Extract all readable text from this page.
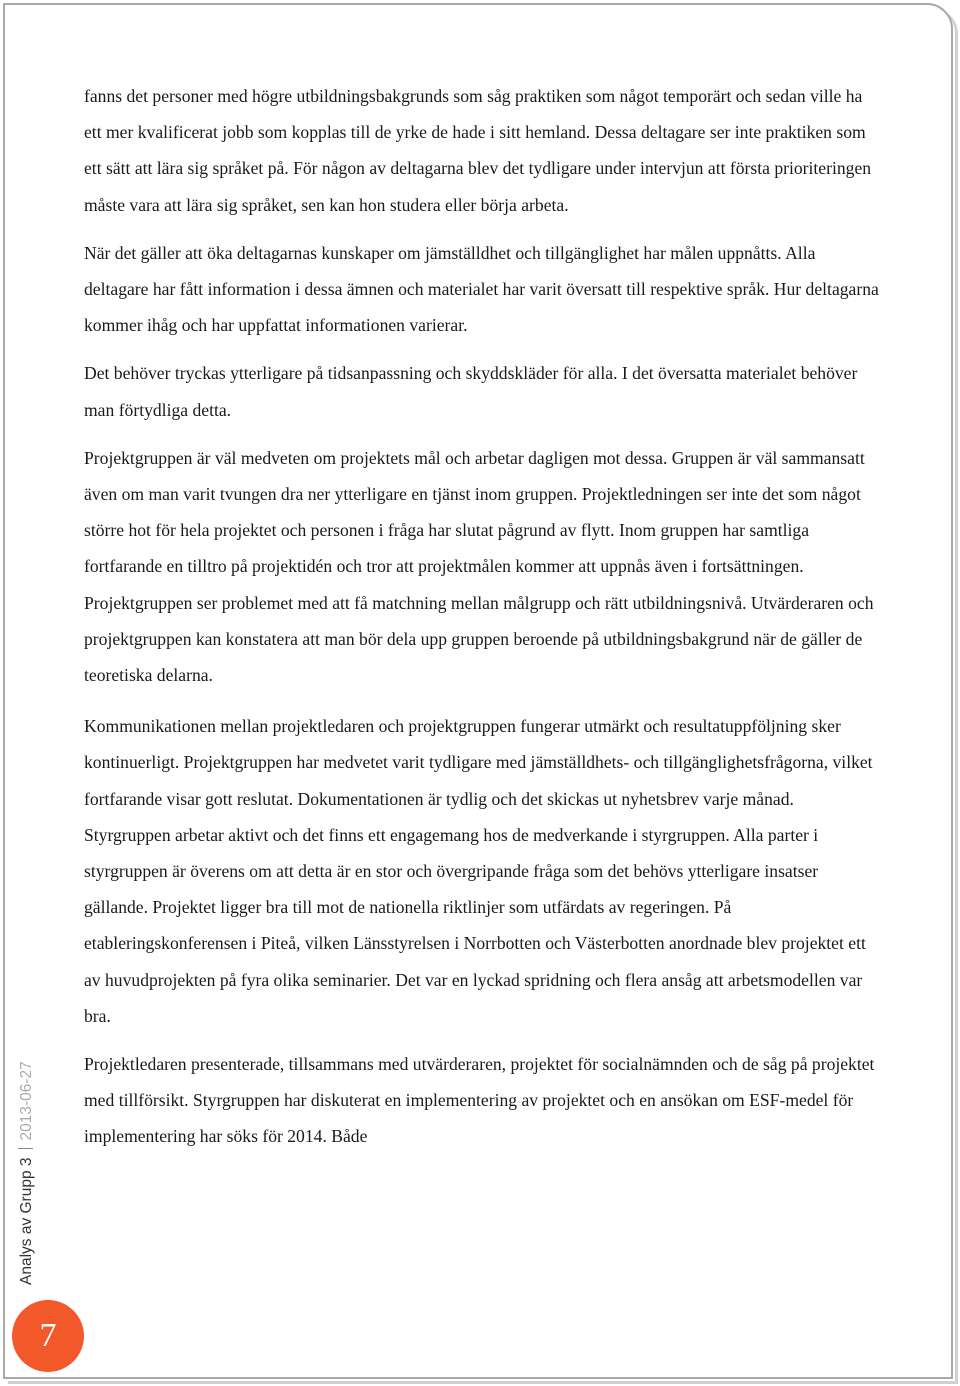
fanns det personer med högre utbildningsbakgrunds som såg praktiken som något temporärt och sedan ville ha ett mer kvalificerat jobb som kopplas till de yrke de hade i sitt hemland. Dessa deltagare ser inte praktiken som ett sätt att lära sig språket på. För någon av deltagarna blev det tydligare under intervjun att första prioriteringen måste vara att lära sig språket, sen kan hon studera eller börja arbeta.

När det gäller att öka deltagarnas kunskaper om jämställdhet och tillgänglighet har målen uppnåtts. Alla deltagare har fått information i dessa ämnen och materialet har varit översatt till respektive språk. Hur deltagarna kommer ihåg och har uppfattat informationen varierar.

Det behöver tryckas ytterligare på tidsanpassning och skyddskläder för alla. I det översatta materialet behöver man förtydliga detta.

Projektgruppen är väl medveten om projektets mål och arbetar dagligen mot dessa. Gruppen är väl sammansatt även om man varit tvungen dra ner ytterligare en tjänst inom gruppen. Projektledningen ser inte det som något större hot för hela projektet och personen i fråga har slutat pågrund av flytt. Inom gruppen har samtliga fortfarande en tilltro på projektidén och tror att projektmålen kommer att uppnås även i fortsättningen. Projektgruppen ser problemet med att få matchning mellan målgrupp och rätt utbildningsnivå. Utvärderaren och projektgruppen kan konstatera att man bör dela upp gruppen beroende på utbildningsbakgrund när de gäller de teoretiska delarna.

Kommunikationen mellan projektledaren och projektgruppen fungerar utmärkt och resultatuppföljning sker kontinuerligt. Projektgruppen har medvetet varit tydligare med jämställdhets- och tillgänglighetsfrågorna, vilket fortfarande visar gott reslutat. Dokumentationen är tydlig och det skickas ut nyhetsbrev varje månad. Styrgruppen arbetar aktivt och det finns ett engagemang hos de medverkande i styrgruppen. Alla parter i styrgruppen är överens om att detta är en stor och övergripande fråga som det behövs ytterligare insatser gällande. Projektet ligger bra till mot de nationella riktlinjer som utfärdats av regeringen. På etableringskonferensen i Piteå, vilken Länsstyrelsen i Norrbotten och Västerbotten anordnade blev projektet ett av huvudprojekten på fyra olika seminarier. Det var en lyckad spridning och flera ansåg att arbetsmodellen var bra.

Projektledaren presenterade, tillsammans med utvärderaren, projektet för socialnämnden och de såg på projektet med tillförsikt. Styrgruppen har diskuterat en implementering av projektet och en ansökan om ESF-medel för implementering har söks för 2014. Både

Analys av Grupp 32013-06-27
7
